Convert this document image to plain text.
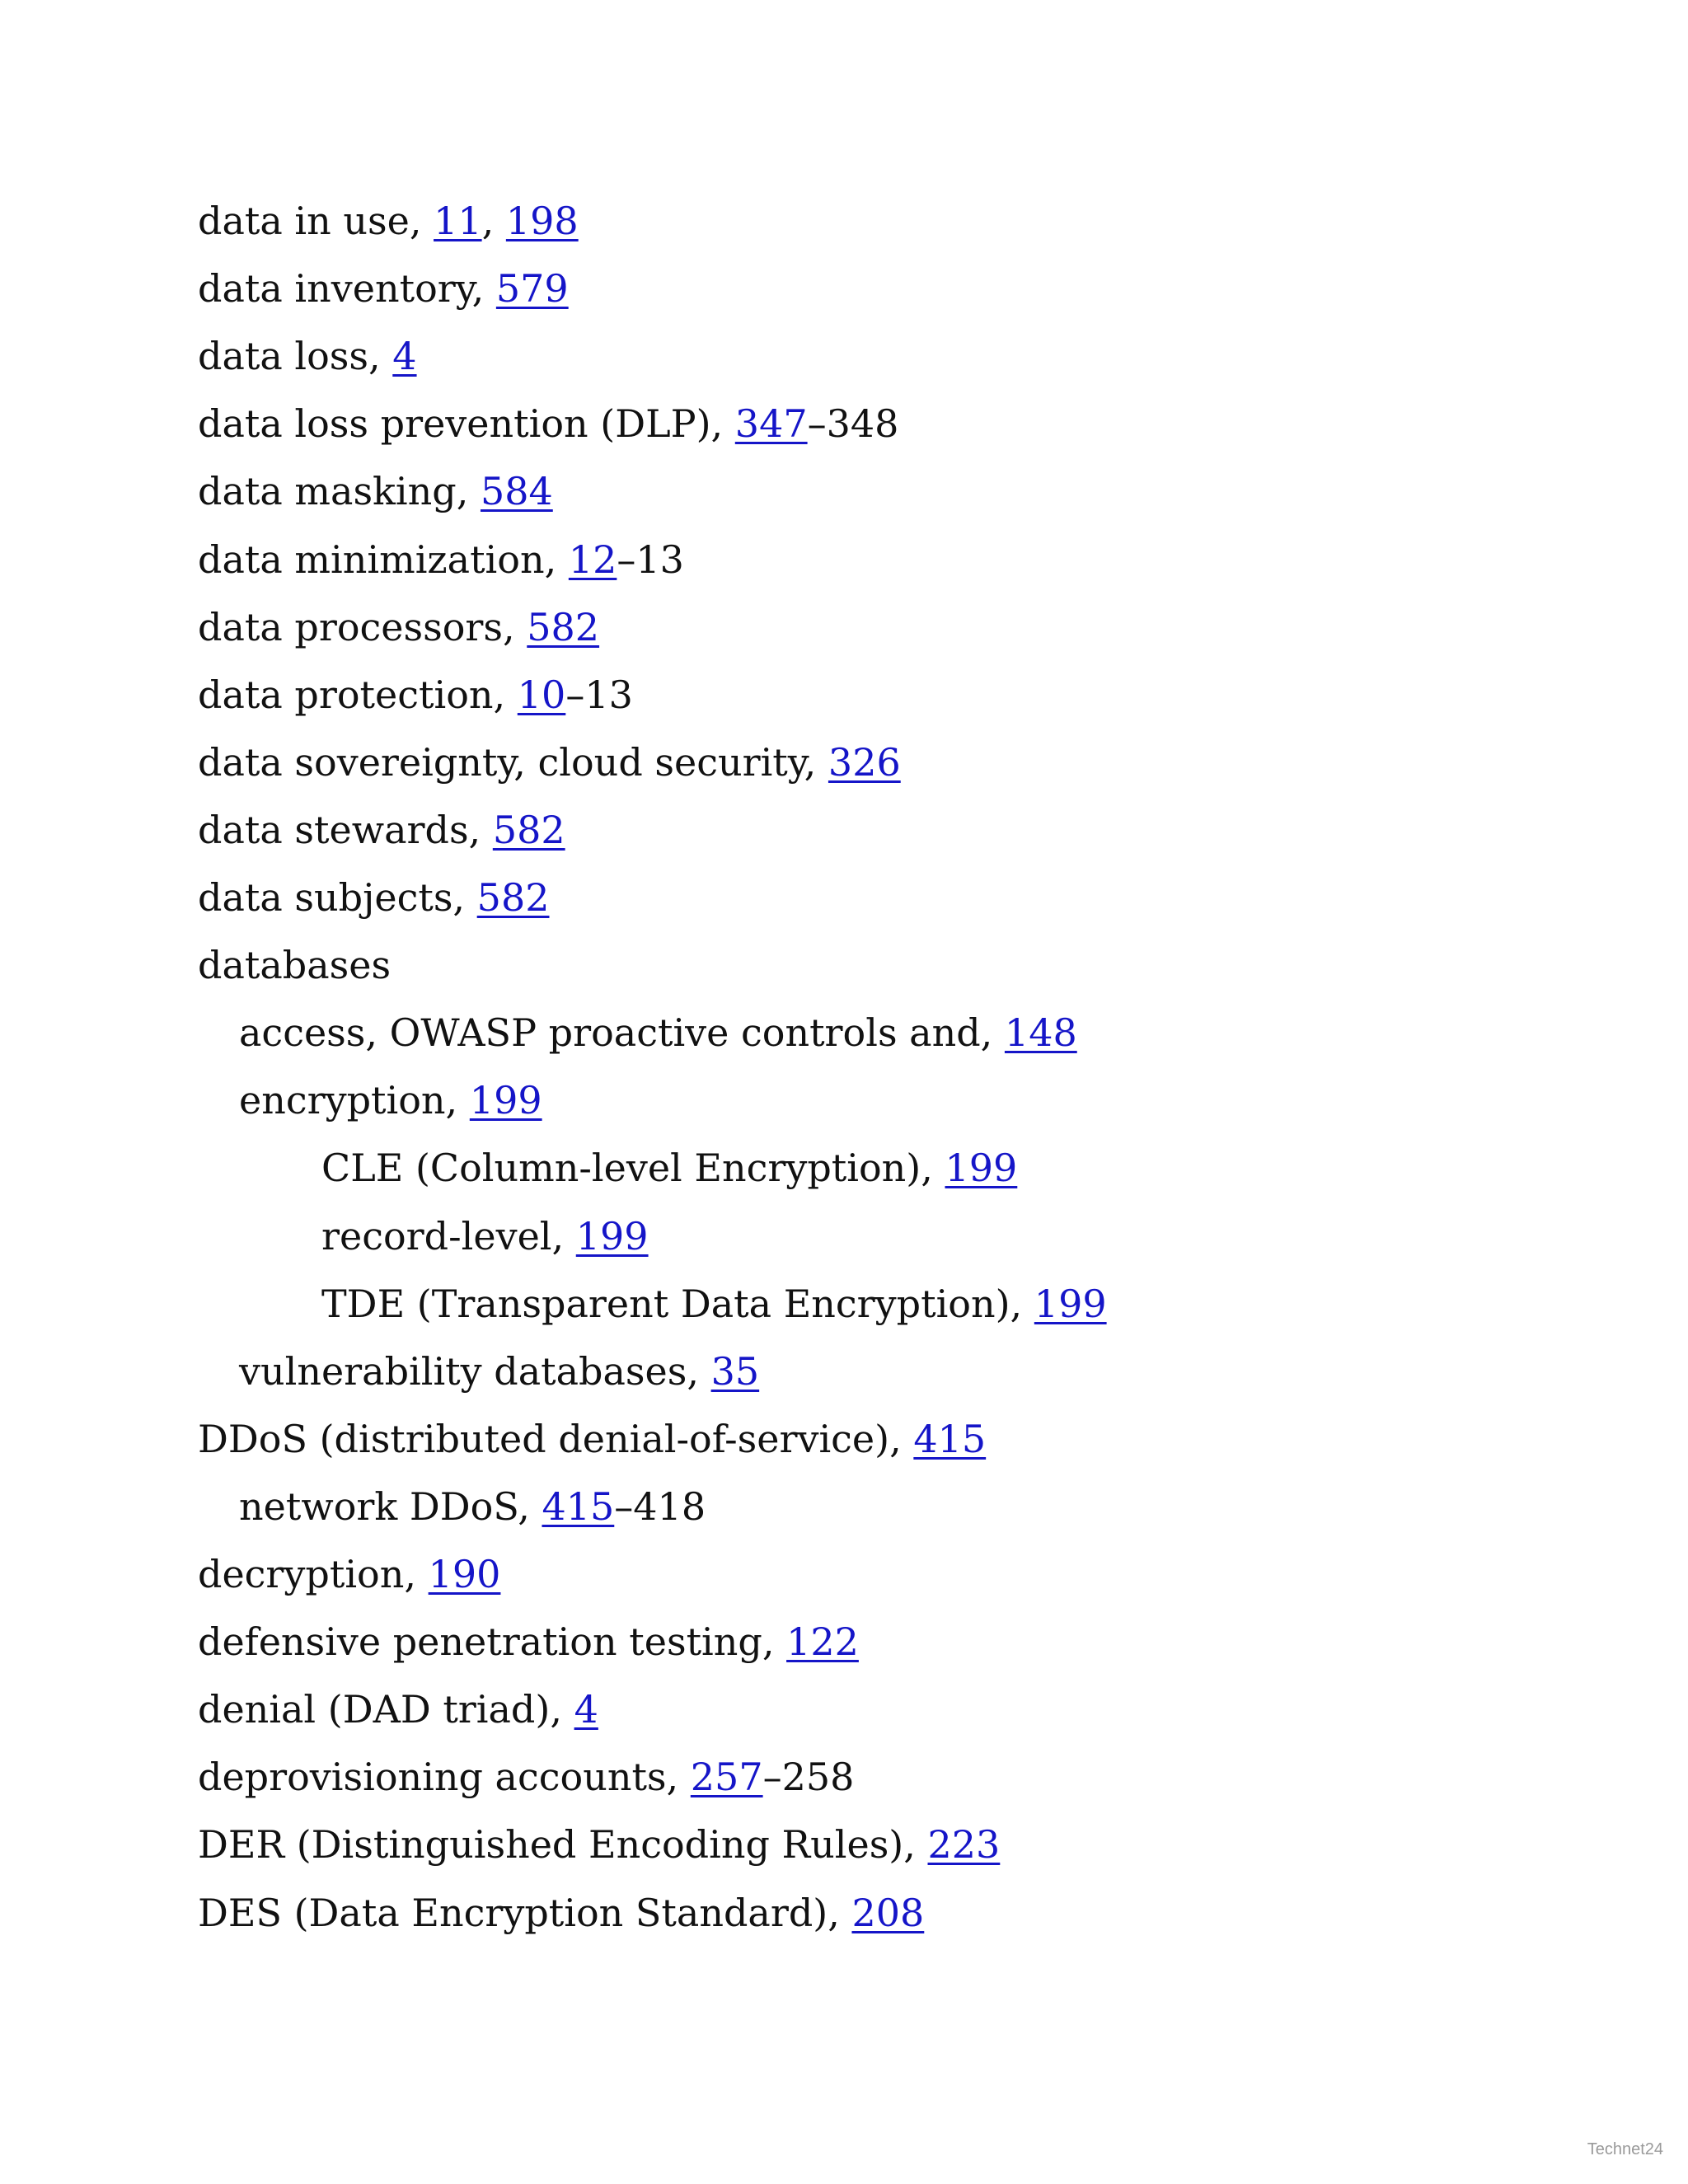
data in use, 11, 198
data inventory, 579
data loss, 4
data loss prevention (DLP), 347–348
data masking, 584
data minimization, 12–13
data processors, 582
data protection, 10–13
data sovereignty, cloud security, 326
data stewards, 582
data subjects, 582
databases
access, OWASP proactive controls and, 148
encryption, 199
CLE (Column-level Encryption), 199
record-level, 199
TDE (Transparent Data Encryption), 199
vulnerability databases, 35
DDoS (distributed denial-of-service), 415
network DDoS, 415–418
decryption, 190
defensive penetration testing, 122
denial (DAD triad), 4
deprovisioning accounts, 257–258
DER (Distinguished Encoding Rules), 223
DES (Data Encryption Standard), 208
Technet24
